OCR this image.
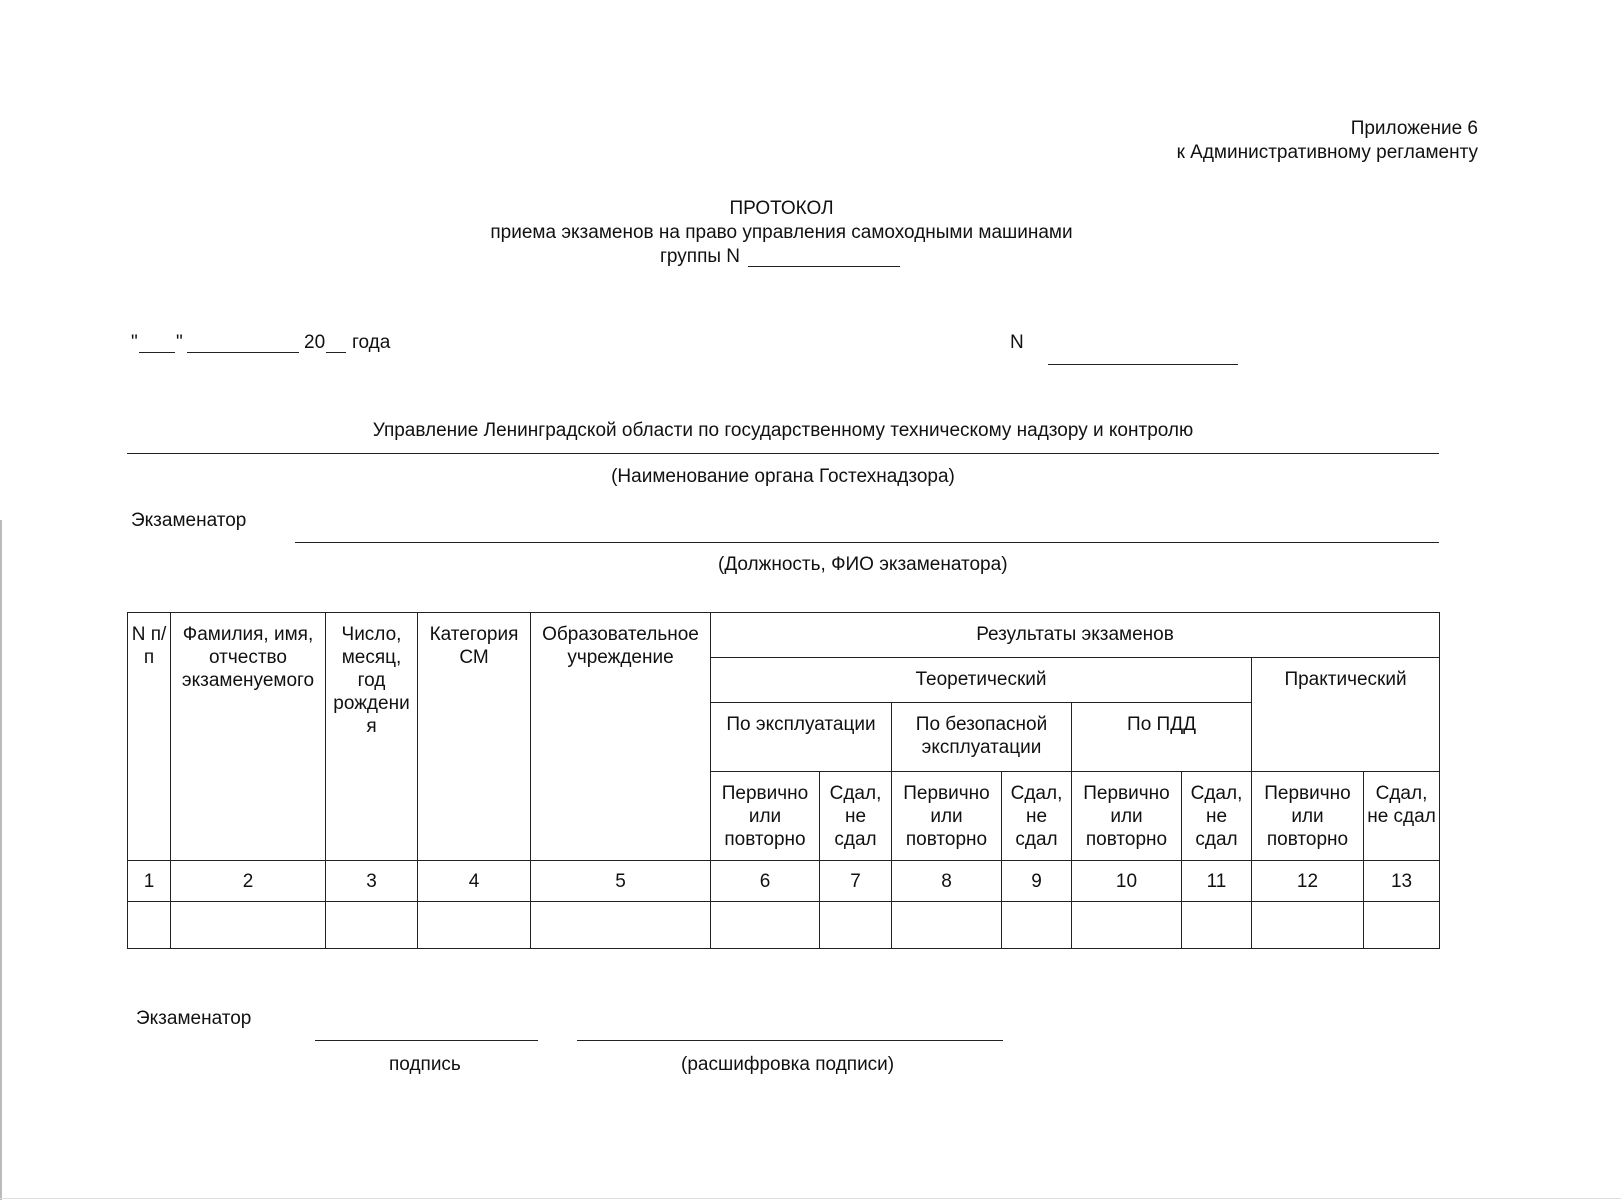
Приложение 6
к Административному регламенту
ПРОТОКОЛ
приема экзаменов на право управления самоходными машинами
группы N
" "	20 года	N
Управление Ленинградской области по государственному техническому надзору и контролю
(Наименование органа Гостехнадзора)
Экзаменатор
(Должность, ФИО экзаменатора)
N п/п	Фамилия, имя, отчество экзаменуемого	Число, месяц, год рождени я	Категория СМ	Образовательное учреждение	Результаты экзаменов							
					Теоретический						Практический	
					По эксплуатации		По безопасной эксплуатации		По ПДД			
					Первично или повторно	Сдал, не сдал	Первично или повторно	Сдал, не сдал	Первично или повторно	Сдал, не сдал	Первично или повторно	Сдал, не сдал
1	2	3	4	5	6	7	8	9	10	11	12	13

Экзаменатор
подпись	(расшифровка подписи)
